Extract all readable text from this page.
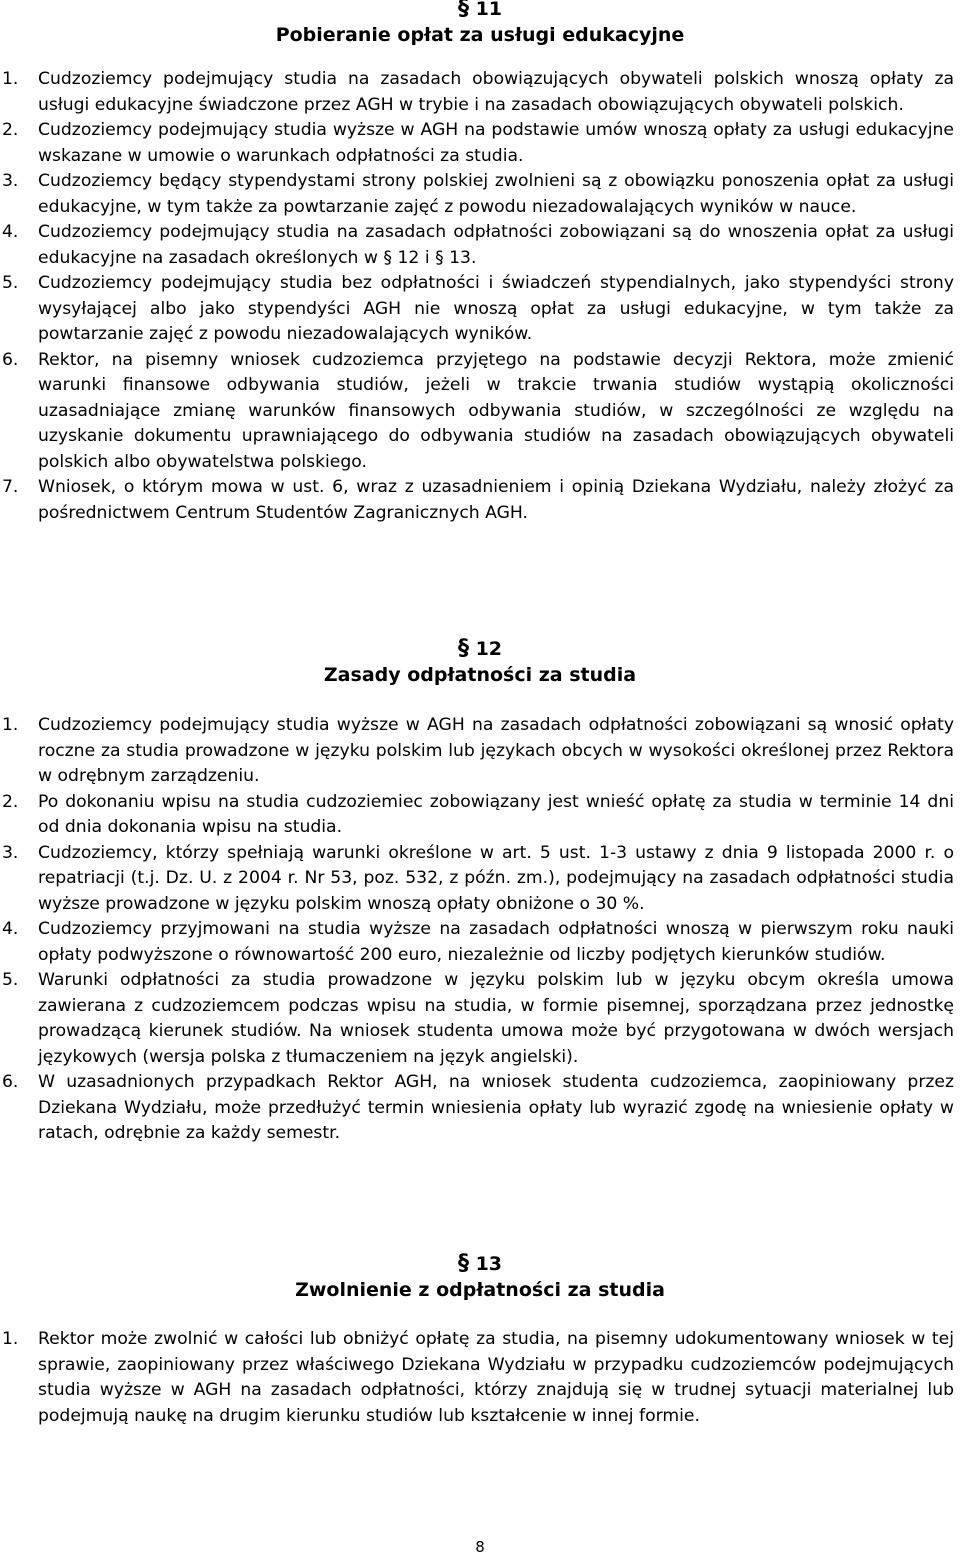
§ 11
Pobieranie opłat za usługi edukacyjne
1. Cudzoziemcy podejmujący studia na zasadach obowiązujących obywateli polskich wnoszą opłaty za usługi edukacyjne świadczone przez AGH w trybie i na zasadach obowiązujących obywateli polskich.
2. Cudzoziemcy podejmujący studia wyższe w AGH na podstawie umów wnoszą opłaty za usługi edukacyjne wskazane w umowie o warunkach odpłatności za studia.
3. Cudzoziemcy będący stypendystami strony polskiej zwolnieni są z obowiązku ponoszenia opłat za usługi edukacyjne, w tym także za powtarzanie zajęć z powodu niezadowalających wyników w nauce.
4. Cudzoziemcy podejmujący studia na zasadach odpłatności zobowiązani są do wnoszenia opłat za usługi edukacyjne na zasadach określonych w § 12 i § 13.
5. Cudzoziemcy podejmujący studia bez odpłatności i świadczeń stypendialnych, jako stypendyści strony wysyłającej albo jako stypendyści AGH nie wnoszą opłat za usługi edukacyjne, w tym także za powtarzanie zajęć z powodu niezadowalających wyników.
6. Rektor, na pisemny wniosek cudzoziemca przyjętego na podstawie decyzji Rektora, może zmienić warunki finansowe odbywania studiów, jeżeli w trakcie trwania studiów wystąpią okoliczności uzasadniające zmianę warunków finansowych odbywania studiów, w szczególności ze względu na uzyskanie dokumentu uprawniającego do odbywania studiów na zasadach obowiązujących obywateli polskich albo obywatelstwa polskiego.
7. Wniosek, o którym mowa w ust. 6, wraz z uzasadnieniem i opinią Dziekana Wydziału, należy złożyć za pośrednictwem Centrum Studentów Zagranicznych AGH.
§ 12
Zasady odpłatności za studia
1. Cudzoziemcy podejmujący studia wyższe w AGH na zasadach odpłatności zobowiązani są wnosić opłaty roczne za studia prowadzone w języku polskim lub językach obcych w wysokości określonej przez Rektora w odrębnym zarządzeniu.
2. Po dokonaniu wpisu na studia cudzoziemiec zobowiązany jest wnieść opłatę za studia w terminie 14 dni od dnia dokonania wpisu na studia.
3. Cudzoziemcy, którzy spełniają warunki określone w art. 5 ust. 1-3 ustawy z dnia 9 listopada 2000 r. o repatriacji (t.j. Dz. U. z 2004 r. Nr 53, poz. 532, z późn. zm.), podejmujący na zasadach odpłatności studia wyższe prowadzone w języku polskim wnoszą opłaty obniżone o 30 %.
4. Cudzoziemcy przyjmowani na studia wyższe na zasadach odpłatności wnoszą w pierwszym roku nauki opłaty podwyższone o równowartość 200 euro, niezależnie od liczby podjętych kierunków studiów.
5. Warunki odpłatności za studia prowadzone w języku polskim lub w języku obcym określa umowa zawierana z cudzoziemcem podczas wpisu na studia, w formie pisemnej, sporządzana przez jednostkę prowadzącą kierunek studiów. Na wniosek studenta umowa może być przygotowana w dwóch wersjach językowych (wersja polska z tłumaczeniem na język angielski).
6. W uzasadnionych przypadkach Rektor AGH, na wniosek studenta cudzoziemca, zaopiniowany przez Dziekana Wydziału, może przedłużyć termin wniesienia opłaty lub wyrazić zgodę na wniesienie opłaty w ratach, odrębnie za każdy semestr.
§ 13
Zwolnienie z odpłatności za studia
1. Rektor może zwolnić w całości lub obniżyć opłatę za studia, na pisemny udokumentowany wniosek w tej sprawie, zaopiniowany przez właściwego Dziekana Wydziału w przypadku cudzoziemców podejmujących studia wyższe w AGH na zasadach odpłatności, którzy znajdują się w trudnej sytuacji materialnej lub podejmują naukę na drugim kierunku studiów lub kształcenie w innej formie.
8
